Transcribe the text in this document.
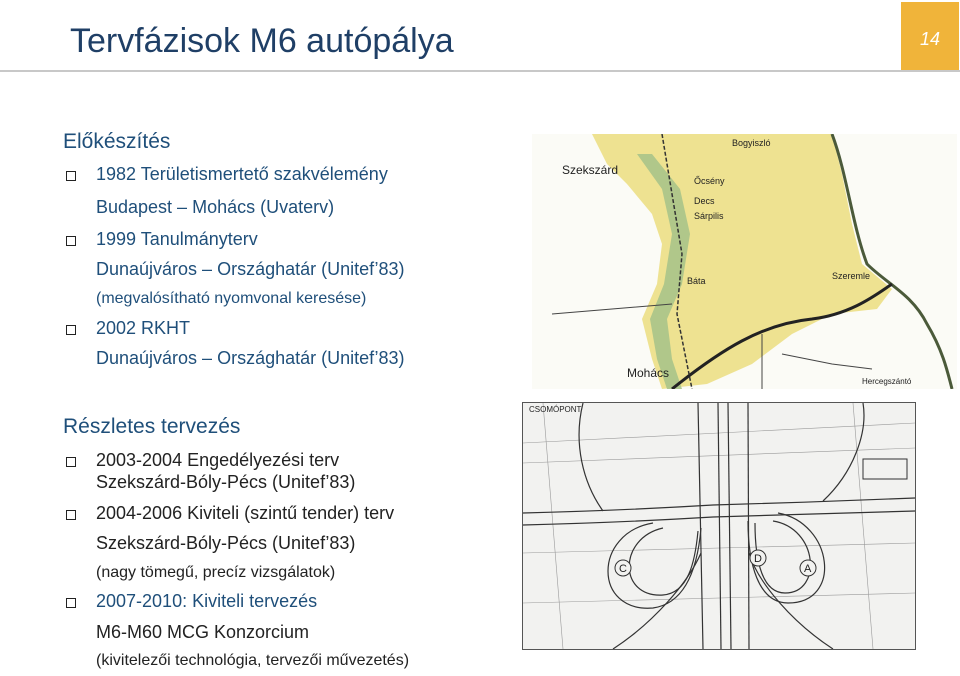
Tervfázisok M6 autópálya	14
Előkészítés
1982 Területismertető szakvélemény
Budapest – Mohács (Uvaterv)
1999 Tanulmányterv
Dunaújváros – Országhatár (Unitef’83)
(megvalósítható nyomvonal keresése)
2002 RKHT
Dunaújváros – Országhatár (Unitef’83)
Részletes tervezés
2003-2004 Engedélyezési terv
Szekszárd-Bóly-Pécs (Unitef’83)
2004-2006 Kiviteli (szintű tender) terv
Szekszárd-Bóly-Pécs (Unitef’83)
(nagy tömegű, precíz vizsgálatok)
2007-2010: Kiviteli tervezés
M6-M60 MCG Konzorcium
(kivitelezői technológia, tervezői művezetés)
Szekszárd
Mohács
Báta
Sárpilis
Decs
Őcsény
Bogyiszló
Szeremle
Hercegszántó
C
D
A
CSOMÓPONT
